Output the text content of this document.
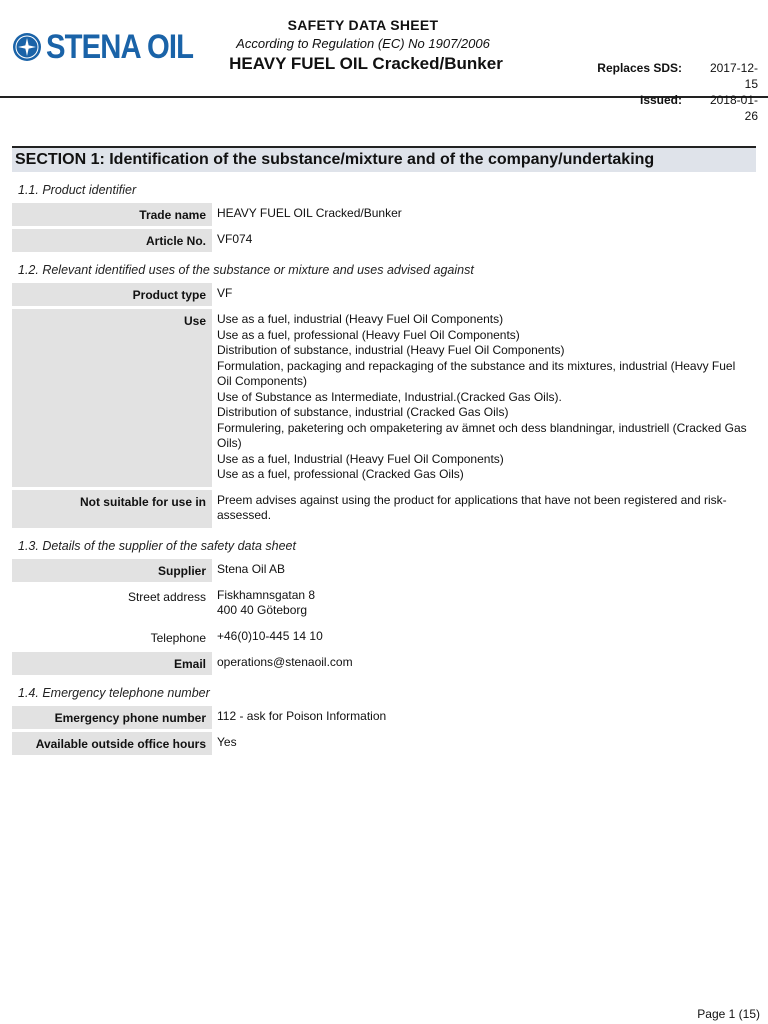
STENA OIL
SAFETY DATA SHEET
According to Regulation (EC) No 1907/2006
HEAVY FUEL OIL Cracked/Bunker	Replaces SDS:	2017-12-15
Issued:	2018-01-26
SECTION 1: Identification of the substance/mixture and of the company/undertaking
1.1. Product identifier
Trade name HEAVY FUEL OIL Cracked/Bunker
Article No. VF074
1.2. Relevant identified uses of the substance or mixture and uses advised against
Product type VF
Use Use as a fuel, industrial (Heavy Fuel Oil Components)
Use as a fuel, professional (Heavy Fuel Oil Components)
Distribution of substance, industrial (Heavy Fuel Oil Components)
Formulation, packaging and repackaging of the substance and its mixtures, industrial (Heavy Fuel Oil Components)
Use of Substance as Intermediate, Industrial.(Cracked Gas Oils).
Distribution of substance, industrial (Cracked Gas Oils)
Formulering, paketering och ompaketering av ämnet och dess blandningar, industriell (Cracked Gas Oils)
Use as a fuel, Industrial (Heavy Fuel Oil Components)
Use as a fuel, professional (Cracked Gas Oils)
Not suitable for use in Preem advises against using the product for applications that have not been registered and risk-assessed.
1.3. Details of the supplier of the safety data sheet
Supplier Stena Oil AB
Street address Fiskhamnsgatan 8
400 40 Göteborg
Telephone +46(0)10-445 14 10
Email operations@stenaoil.com
1.4. Emergency telephone number
Emergency phone number 112 - ask for Poison Information
Available outside office hours Yes
Page 1 (15)
